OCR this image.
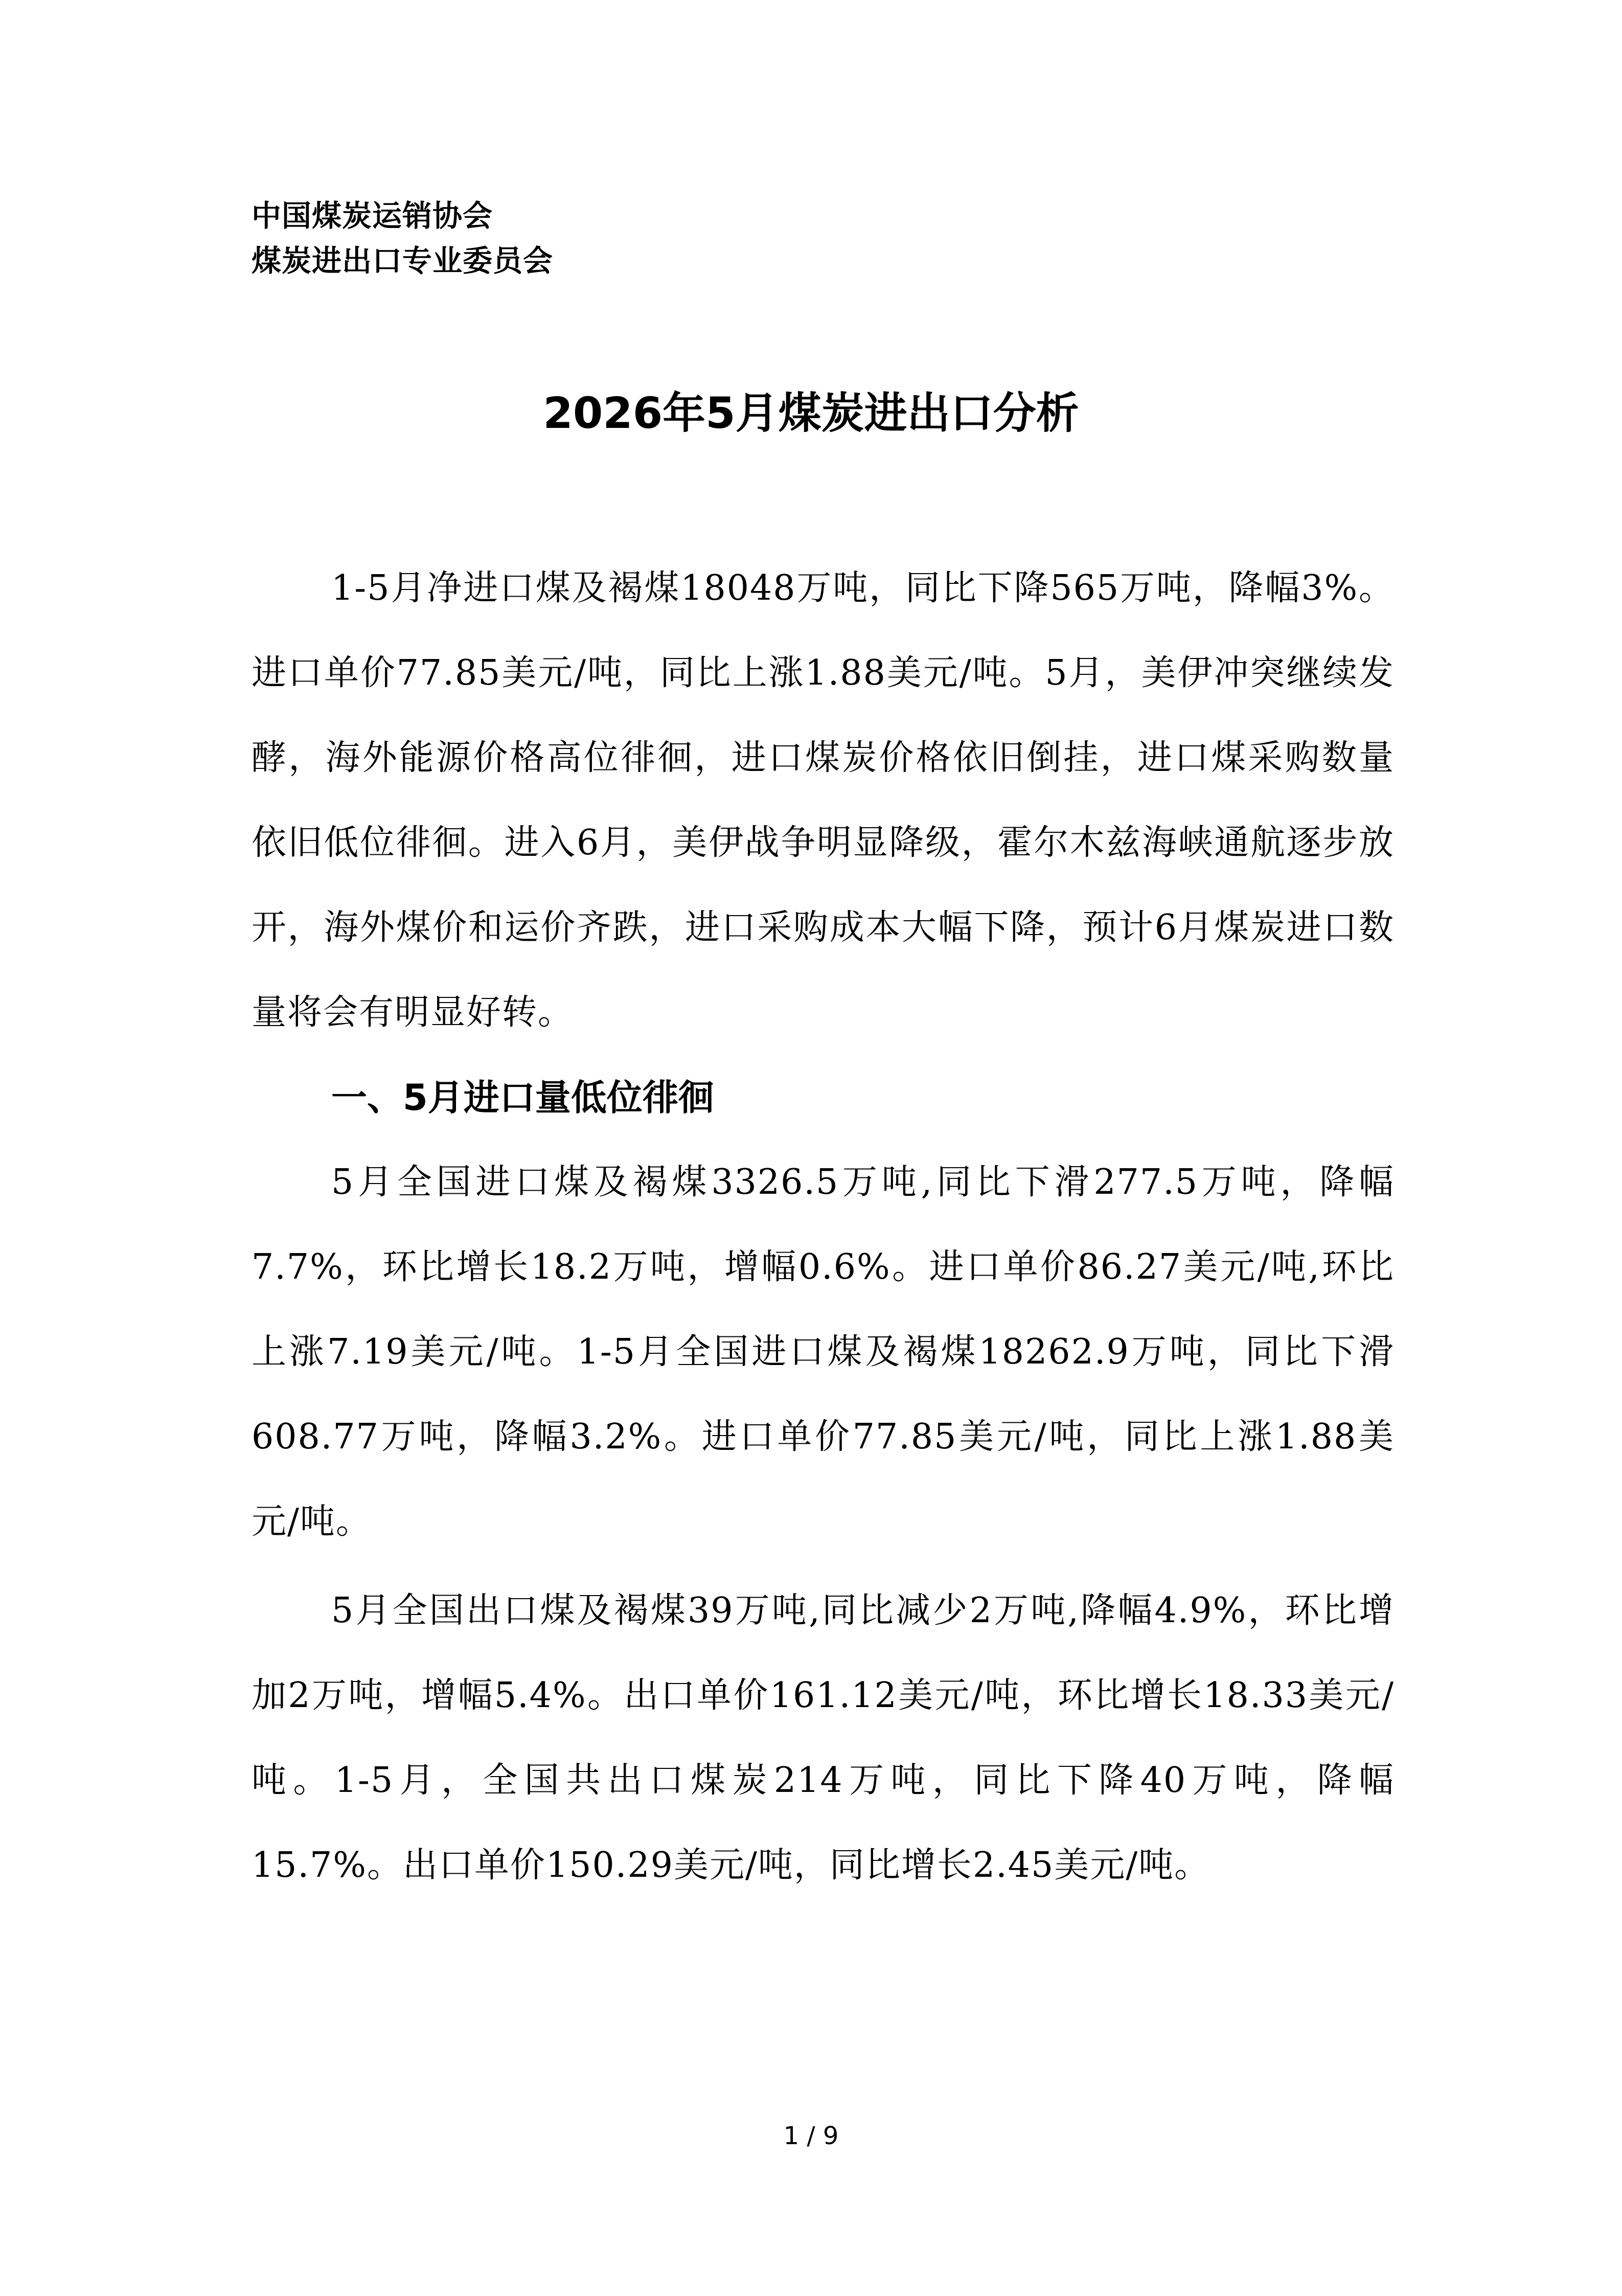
中国煤炭运销协会
煤炭进出口专业委员会
2026年5月煤炭进出口分析

1-5月净进口煤及褐煤18048万吨，同比下降565万吨，降幅3%。进口单价77.85美元/吨，同比上涨1.88美元/吨。5月，美伊冲突继续发酵，海外能源价格高位徘徊，进口煤炭价格依旧倒挂，进口煤采购数量依旧低位徘徊。进入6月，美伊战争明显降级，霍尔木兹海峡通航逐步放开，海外煤价和运价齐跌，进口采购成本大幅下降，预计6月煤炭进口数量将会有明显好转。

一、5月进口量低位徘徊

5月全国进口煤及褐煤3326.5万吨,同比下滑277.5万吨，降幅7.7%，环比增长18.2万吨，增幅0.6%。进口单价86.27美元/吨,环比上涨7.19美元/吨。1-5月全国进口煤及褐煤18262.9万吨，同比下滑608.77万吨，降幅3.2%。进口单价77.85美元/吨，同比上涨1.88美元/吨。

5月全国出口煤及褐煤39万吨,同比减少2万吨,降幅4.9%，环比增加2万吨，增幅5.4%。出口单价161.12美元/吨，环比增长18.33美元/吨。1-5月，全国共出口煤炭214万吨，同比下降40万吨，降幅15.7%。出口单价150.29美元/吨，同比增长2.45美元/吨。

1 / 9
